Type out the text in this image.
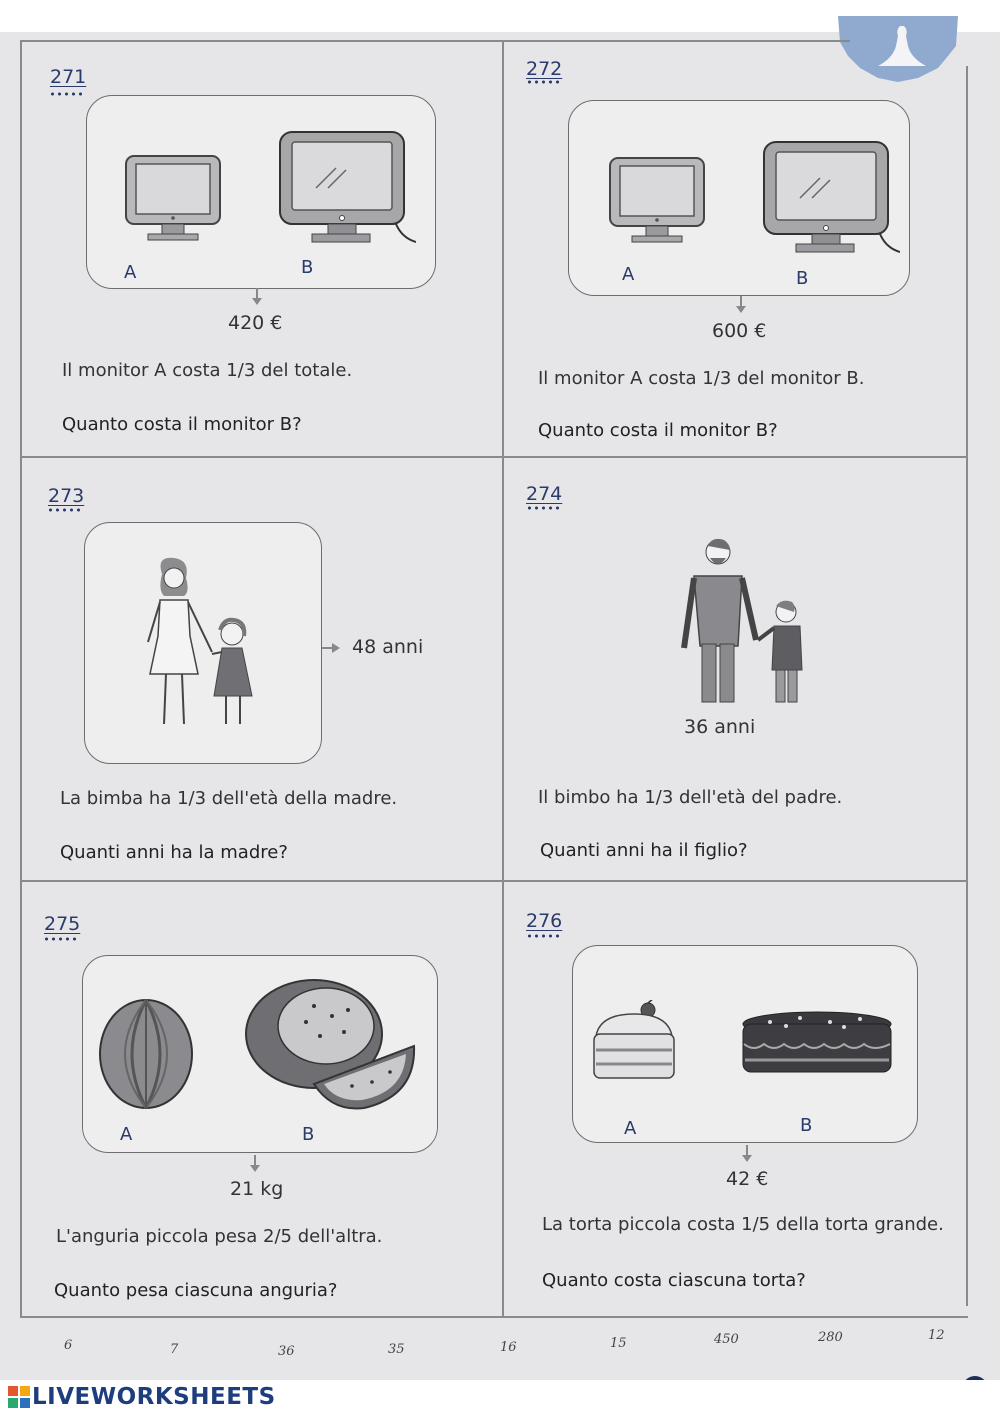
271
A	B
420 €
Il monitor A costa 1/3 del totale.
Quanto costa il monitor B?
272
A	B
600 €
Il monitor A costa 1/3 del monitor B.
Quanto costa il monitor B?
273
48 anni
La bimba ha 1/3 dell'età della madre.
Quanti anni ha la madre?
274
36 anni
Il bimbo ha 1/3 dell'età del padre.
Quanti anni ha il figlio?
275
A	B
21 kg
L'anguria piccola pesa 2/5 dell'altra.
Quanto pesa ciascuna anguria?
276
A	B
42 €
La torta piccola costa 1/5 della torta grande.
Quanto costa ciascuna torta?
6	7	36	35	16	15	450	280	12
LIVEWORKSHEETS
